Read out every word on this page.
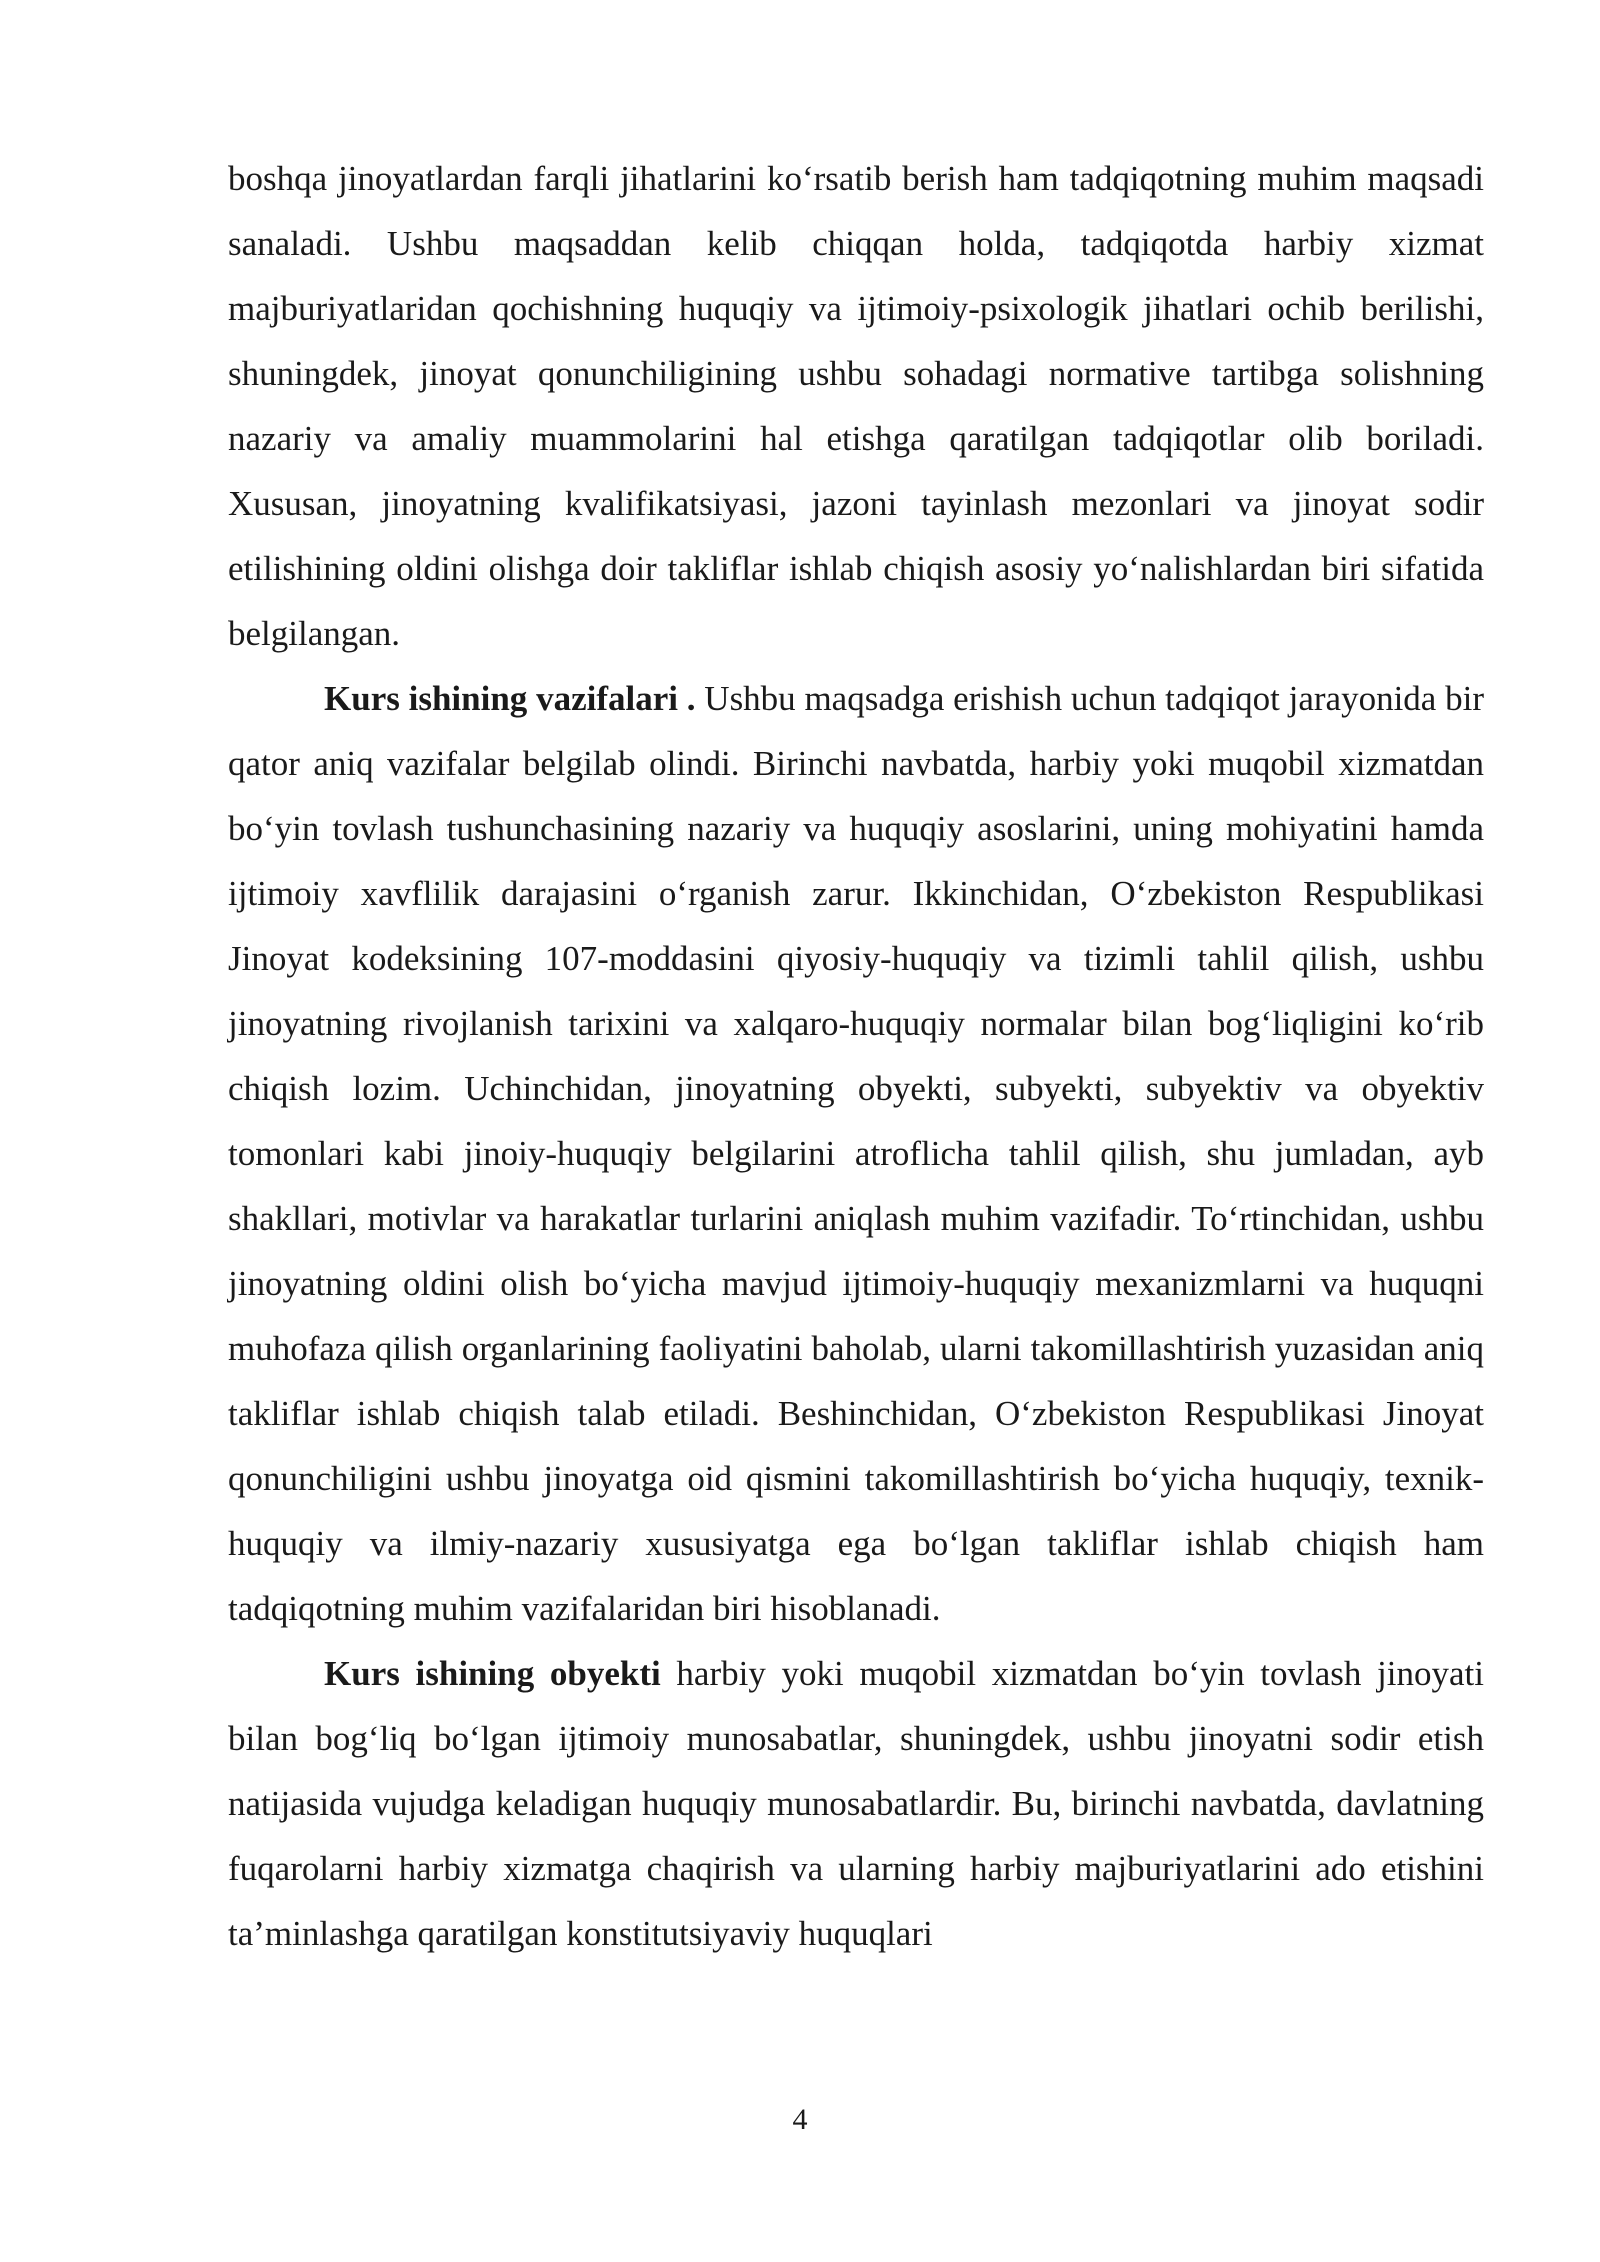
boshqa jinoyatlardan farqli jihatlarini ko‘rsatib berish ham tadqiqotning muhim maqsadi sanaladi. Ushbu maqsaddan kelib chiqqan holda, tadqiqotda harbiy xizmat majburiyatlaridan qochishning huquqiy va ijtimoiy-psixologik jihatlari ochib berilishi, shuningdek, jinoyat qonunchiligining ushbu sohadagi normative tartibga solishning nazariy va amaliy muammolarini hal etishga qaratilgan tadqiqotlar olib boriladi. Xususan, jinoyatning kvalifikatsiyasi, jazoni tayinlash mezonlari va jinoyat sodir etilishining oldini olishga doir takliflar ishlab chiqish asosiy yo‘nalishlardan biri sifatida belgilangan.

Kurs ishining vazifalari . Ushbu maqsadga erishish uchun tadqiqot jarayonida bir qator aniq vazifalar belgilab olindi. Birinchi navbatda, harbiy yoki muqobil xizmatdan bo‘yin tovlash tushunchasining nazariy va huquqiy asoslarini, uning mohiyatini hamda ijtimoiy xavflilik darajasini o‘rganish zarur. Ikkinchidan, O‘zbekiston Respublikasi Jinoyat kodeksining 107-moddasini qiyosiy-huquqiy va tizimli tahlil qilish, ushbu jinoyatning rivojlanish tarixini va xalqaro-huquqiy normalar bilan bog‘liqligini ko‘rib chiqish lozim. Uchinchidan, jinoyatning obyekti, subyekti, subyektiv va obyektiv tomonlari kabi jinoiy-huquqiy belgilarini atroflicha tahlil qilish, shu jumladan, ayb shakllari, motivlar va harakatlar turlarini aniqlash muhim vazifadir. To‘rtinchidan, ushbu jinoyatning oldini olish bo‘yicha mavjud ijtimoiy-huquqiy mexanizmlarni va huquqni muhofaza qilish organlarining faoliyatini baholab, ularni takomillashtirish yuzasidan aniq takliflar ishlab chiqish talab etiladi. Beshinchidan, O‘zbekiston Respublikasi Jinoyat qonunchiligini ushbu jinoyatga oid qismini takomillashtirish bo‘yicha huquqiy, texnik-huquqiy va ilmiy-nazariy xususiyatga ega bo‘lgan takliflar ishlab chiqish ham tadqiqotning muhim vazifalaridan biri hisoblanadi.

Kurs ishining obyekti harbiy yoki muqobil xizmatdan bo‘yin tovlash jinoyati bilan bog‘liq bo‘lgan ijtimoiy munosabatlar, shuningdek, ushbu jinoyatni sodir etish natijasida vujudga keladigan huquqiy munosabatlardir. Bu, birinchi navbatda, davlatning fuqarolarni harbiy xizmatga chaqirish va ularning harbiy majburiyatlarini ado etishini ta’minlashga qaratilgan konstitutsiyaviy huquqlari

4
